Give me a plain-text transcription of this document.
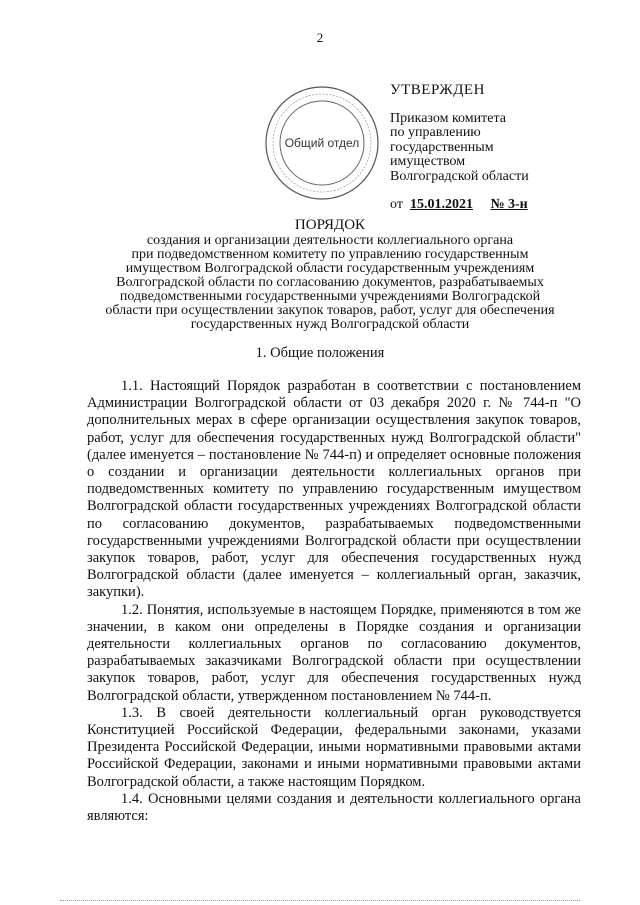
2
Общий отдел
УТВЕРЖДЕН
Приказом комитета
по управлению
государственным
имуществом
Волгоградской области
от 15.01.2021 № 3-н
ПОРЯДОК
создания и организации деятельности коллегиального органа
при подведомственном комитету по управлению государственным
имуществом Волгоградской области государственным учреждениям
Волгоградской области по согласованию документов, разрабатываемых
подведомственными государственными учреждениями Волгоградской
области при осуществлении закупок товаров, работ, услуг для обеспечения
государственных нужд Волгоградской области
1. Общие положения

1.1. Настоящий Порядок разработан в соответствии с постановлением Администрации Волгоградской области от 03 декабря 2020 г. № 744-п "О дополнительных мерах в сфере организации осуществления закупок товаров, работ, услуг для обеспечения государственных нужд Волгоградской области" (далее именуется – постановление № 744-п) и определяет основные положения о создании и организации деятельности коллегиальных органов при подведомственных комитету по управлению государственным имуществом Волгоградской области государственных учреждениях Волгоградской области по согласованию документов, разрабатываемых подведомственными государственными учреждениями Волгоградской области при осуществлении закупок товаров, работ, услуг для обеспечения государственных нужд Волгоградской области (далее именуется – коллегиальный орган, заказчик, закупки).

1.2. Понятия, используемые в настоящем Порядке, применяются в том же значении, в каком они определены в Порядке создания и организации деятельности коллегиальных органов по согласованию документов, разрабатываемых заказчиками Волгоградской области при осуществлении закупок товаров, работ, услуг для обеспечения государственных нужд Волгоградской области, утвержденном постановлением № 744-п.

1.3. В своей деятельности коллегиальный орган руководствуется Конституцией Российской Федерации, федеральными законами, указами Президента Российской Федерации, иными нормативными правовыми актами Российской Федерации, законами и иными нормативными правовыми актами Волгоградской области, а также настоящим Порядком.

1.4. Основными целями создания и деятельности коллегиального органа являются:
